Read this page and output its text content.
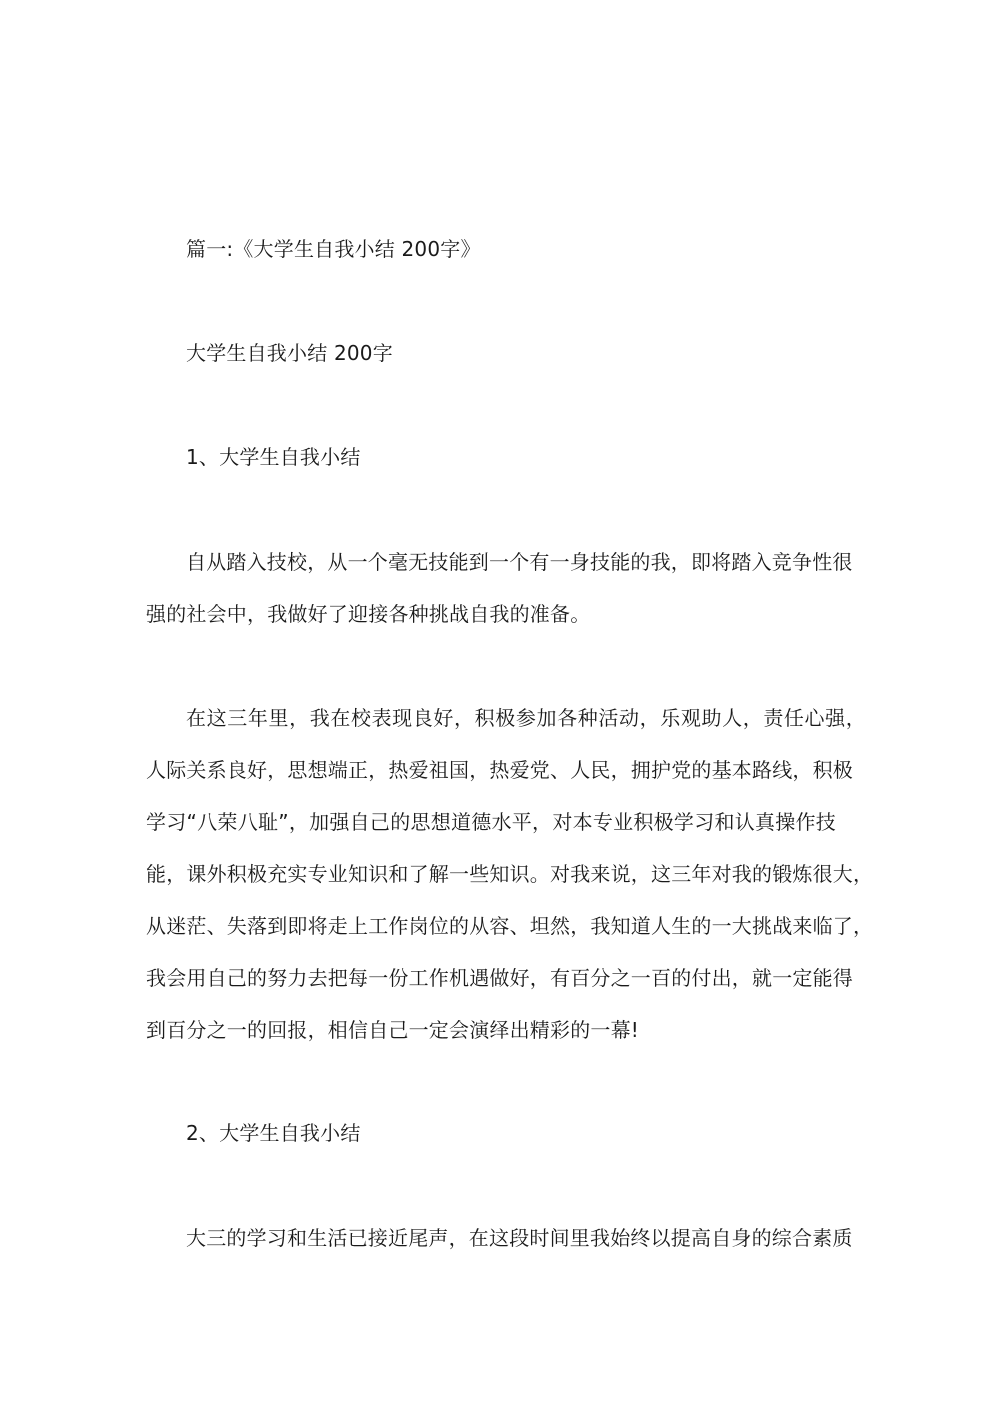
篇一:《大学生自我小结 200字》
大学生自我小结 200字
1、大学生自我小结
自从踏入技校，从一个毫无技能到一个有一身技能的我，即将踏入竞争性很
强的社会中，我做好了迎接各种挑战自我的准备。
在这三年里，我在校表现良好，积极参加各种活动，乐观助人，责任心强，
人际关系良好，思想端正，热爱祖国，热爱党、人民，拥护党的基本路线，积极
学习“八荣八耻”，加强自己的思想道德水平，对本专业积极学习和认真操作技
能，课外积极充实专业知识和了解一些知识。对我来说，这三年对我的锻炼很大，
从迷茫、失落到即将走上工作岗位的从容、坦然，我知道人生的一大挑战来临了，
我会用自己的努力去把每一份工作机遇做好，有百分之一百的付出，就一定能得
到百分之一的回报，相信自己一定会演绎出精彩的一幕!
2、大学生自我小结
大三的学习和生活已接近尾声，在这段时间里我始终以提高自身的综合素质
